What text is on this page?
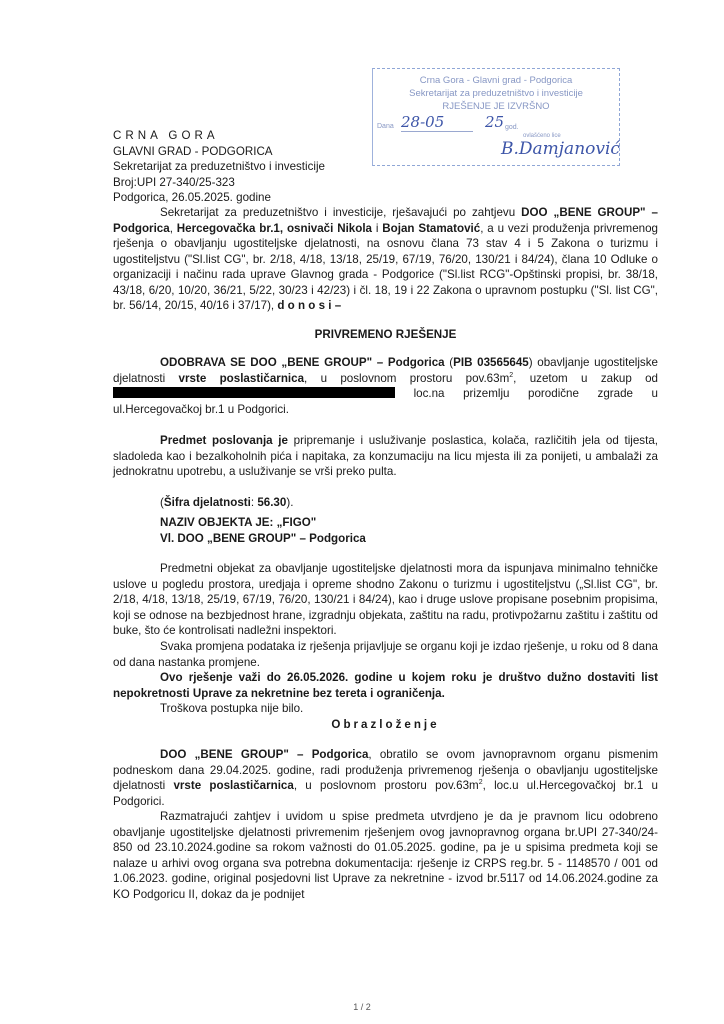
Crna Gora - Glavni grad - Podgorica
Sekretarijat za preduzetništvo i investicije
RJEŠENJE JE IZVRŠNO
Dana 28-05	25 god.
ovlašćeno lice
B.Damjanović
CRNA GORA
GLAVNI GRAD - PODGORICA
Sekretarijat za preduzetništvo i investicije
Broj:UPI 27-340/25-323
Podgorica, 26.05.2025. godine
Sekretarijat za preduzetništvo i investicije, rješavajući po zahtjevu DOO „BENE GROUP" – Podgorica, Hercegovačka br.1, osnivači Nikola i Bojan Stamatović, a u vezi produženja privremenog rješenja o obavljanju ugostiteljske djelatnosti, na osnovu člana 73 stav 4 i 5 Zakona o turizmu i ugostiteljstvu ("Sl.list CG", br. 2/18, 4/18, 13/18, 25/19, 67/19, 76/20, 130/21 i 84/24), člana 10 Odluke o organizaciji i načinu rada uprave Glavnog grada - Podgorice ("Sl.list RCG"-Opštinski propisi, br. 38/18, 43/18, 6/20, 10/20, 36/21, 5/22, 30/23 i 42/23) i čl. 18, 19 i 22 Zakona o upravnom postupku ("Sl. list CG", br. 56/14, 20/15, 40/16 i 37/17), d o n o s i –
PRIVREMENO RJEŠENJE
ODOBRAVA SE DOO „BENE GROUP" – Podgorica (PIB 03565645) obavljanje ugostiteljske djelatnosti vrste poslastičarnica, u poslovnom prostoru $pov.63m^2$, uzetom u zakup od  loc.na prizemlju porodične zgrade u ul.Hercegovačkoj br.1 u Podgorici.
Predmet poslovanja je pripremanje i usluživanje poslastica, kolača, različitih jela od tijesta, sladoleda kao i bezalkoholnih pića i napitaka, za konzumaciju na licu mjesta ili za ponijeti, u ambalaži za jednokratnu upotrebu, a usluživanje se vrši preko pulta.
(Šifra djelatnosti: 56.30).
NAZIV OBJEKTA JE: „FIGO"
Vl. DOO „BENE GROUP" – Podgorica
Predmetni objekat za obavljanje ugostiteljske djelatnosti mora da ispunjava minimalno tehničke uslove u pogledu prostora, uredjaja i opreme shodno Zakonu o turizmu i ugostiteljstvu („Sl.list CG", br. 2/18, 4/18, 13/18, 25/19, 67/19, 76/20, 130/21 i 84/24), kao i druge uslove propisane posebnim propisima, koji se odnose na bezbjednost hrane, izgradnju objekata, zaštitu na radu, protivpožarnu zaštitu i zaštitu od buke, što će kontrolisati nadležni inspektori.
Svaka promjena podataka iz rješenja prijavljuje se organu koji je izdao rješenje, u roku od 8 dana od dana nastanka promjene.
Ovo rješenje važi do 26.05.2026. godine u kojem roku je društvo dužno dostaviti list nepokretnosti Uprave za nekretnine bez tereta i ograničenja.
Troškova postupka nije bilo.
Obrazloženje
DOO „BENE GROUP" – Podgorica, obratilo se ovom javnopravnom organu pismenim podneskom dana 29.04.2025. godine, radi produženja privremenog rješenja o obavljanju ugostiteljske djelatnosti vrste poslastičarnica, u poslovnom prostoru $pov.63m^2$, loc.u ul.Hercegovačkoj br.1 u Podgorici.
Razmatrajući zahtjev i uvidom u spise predmeta utvrdjeno je da je pravnom licu odobreno obavljanje ugostiteljske djelatnosti privremenim rješenjem ovog javnopravnog organa br.UPI 27-340/24-850 od 23.10.2024.godine sa rokom važnosti do 01.05.2025. godine, pa je u spisima predmeta koji se nalaze u arhivi ovog organa sva potrebna dokumentacija: rješenje iz CRPS reg.br. 5 - 1148570 / 001 od 1.06.2023. godine, original posjedovni list Uprave za nekretnine - izvod br.5117 od 14.06.2024.godine za KO Podgoricu II, dokaz da je podnijet
1 / 2
